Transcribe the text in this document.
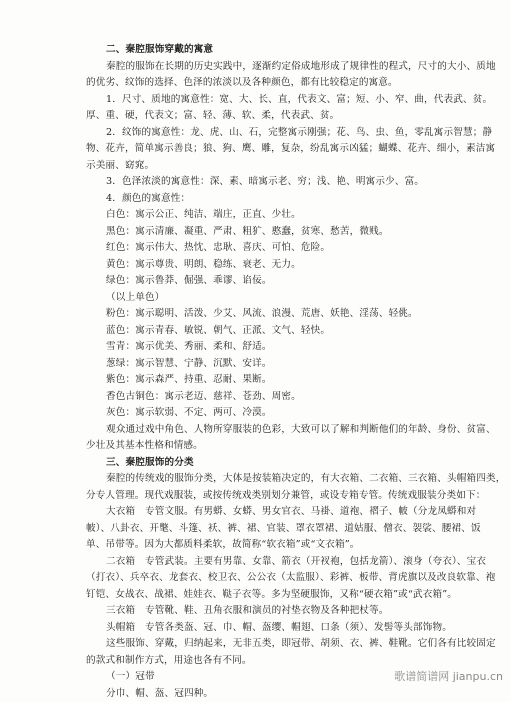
二、秦腔服饰穿戴的寓意
秦腔的服饰在长期的历史实践中，逐渐约定俗成地形成了规律性的程式，尺寸的大小、质地
的优劣、纹饰的选择、色泽的浓淡以及各种颜色，都有比较稳定的寓意。
1．尺寸、质地的寓意性：宽、大、长、直，代表文、富；短、小、窄、曲，代表武、贫。
厚、重、硬，代表文；富、轻、薄、软、柔，代表武、贫。
2．纹饰的寓意性：龙、虎、山、石，完整寓示刚强；花、鸟、虫、鱼，零乱寓示智慧；静
物、花卉，简单寓示善良；狼、狗、鹰、雕，复杂，纷乱寓示凶猛；蝴蝶、花卉、细小，素洁寓
示美丽、窈窕。
3．色泽浓淡的寓意性：深、素、暗寓示老、穷；浅、艳、明寓示少、富。
4．颜色的寓意性：
白色：寓示公正、纯洁、端庄，正直、少壮。
黑色：寓示清廉、凝重、严肃、粗犷、憨蠢，贫寒、愁苦，微贱。
红色：寓示伟大、热忱、忠耿、喜庆、可怕、危险。
黄色：寓示尊贵、明朗、稳练、衰老、无力。
绿色：寓示鲁莽、倔强、乖谬、谄佞。
（以上单色）
粉色：寓示聪明、活泼、少艾、风流、浪漫、荒唐、妖艳、淫荡、轻佻。
蓝色：寓示青春、敏锐、朝气、正派、文气、轻快。
雪青：寓示优美、秀丽、柔和、舒适。
葱绿：寓示智慧、宁静、沉默、安详。
紫色：寓示森严、持重、忍耐、果断。
香色古铜色：寓示老迈、慈祥、苍劲、周密。
灰色：寓示软弱、不定、两可、冷漠。
观众通过戏中角色、人物所穿服装的色彩，大致可以了解和判断他们的年龄、身份、贫富、
少壮及其基本性格和情感。
三、秦腔服饰的分类
秦腔的传统戏的服饰分类，大体是按装箱决定的，有大衣箱、二衣箱、三衣箱、头帽箱四类，
分专人管理。现代戏服装，或按传统戏类别划分兼管，或设专箱专管。传统戏服装分类如下：
大衣箱　专管文服。有男蟒、女蟒、男女官衣、马褂、道袍、褶子、帔（分龙凤蟒和对
帔）、八卦衣、开氅、斗篷、袄、裤、裙、官装、罩衣罩裙、道姑服、僧衣、袈裟、腰裙、饭
单、吊带等。因为大都质料柔软，故简称“软衣箱”或“文衣箱”。
二衣箱　专管武装。主要有男靠、女靠、箭衣（开衩袍，包括龙箭）、滚身（夸衣）、宝衣
（打衣）、兵卒衣、龙套衣、校卫衣、公公衣（太监服）、彩裤、板带、背虎旗以及改良软靠、袍
钉铠、女战衣、战裙、娃娃衣、鞑子衣等。多为坚硬服饰，又称“硬衣箱”或“武衣箱”。
三衣箱　专管靴、鞋、丑角衣服和演员的衬垫衣物及各种把杖等。
头帽箱　专管各类盔、冠、巾、帽、盔缨、帽翅、口条（须）、发髻等头部饰物。
这些服饰、穿戴，归纳起来，无非五类，即冠带、胡须、衣、裤、鞋靴。它们各有比较固定
的款式和制作方式，用途也各有不同。
（一）冠带
分巾、帽、盔、冠四种。
歌谱简谱网 jianpu.cn
